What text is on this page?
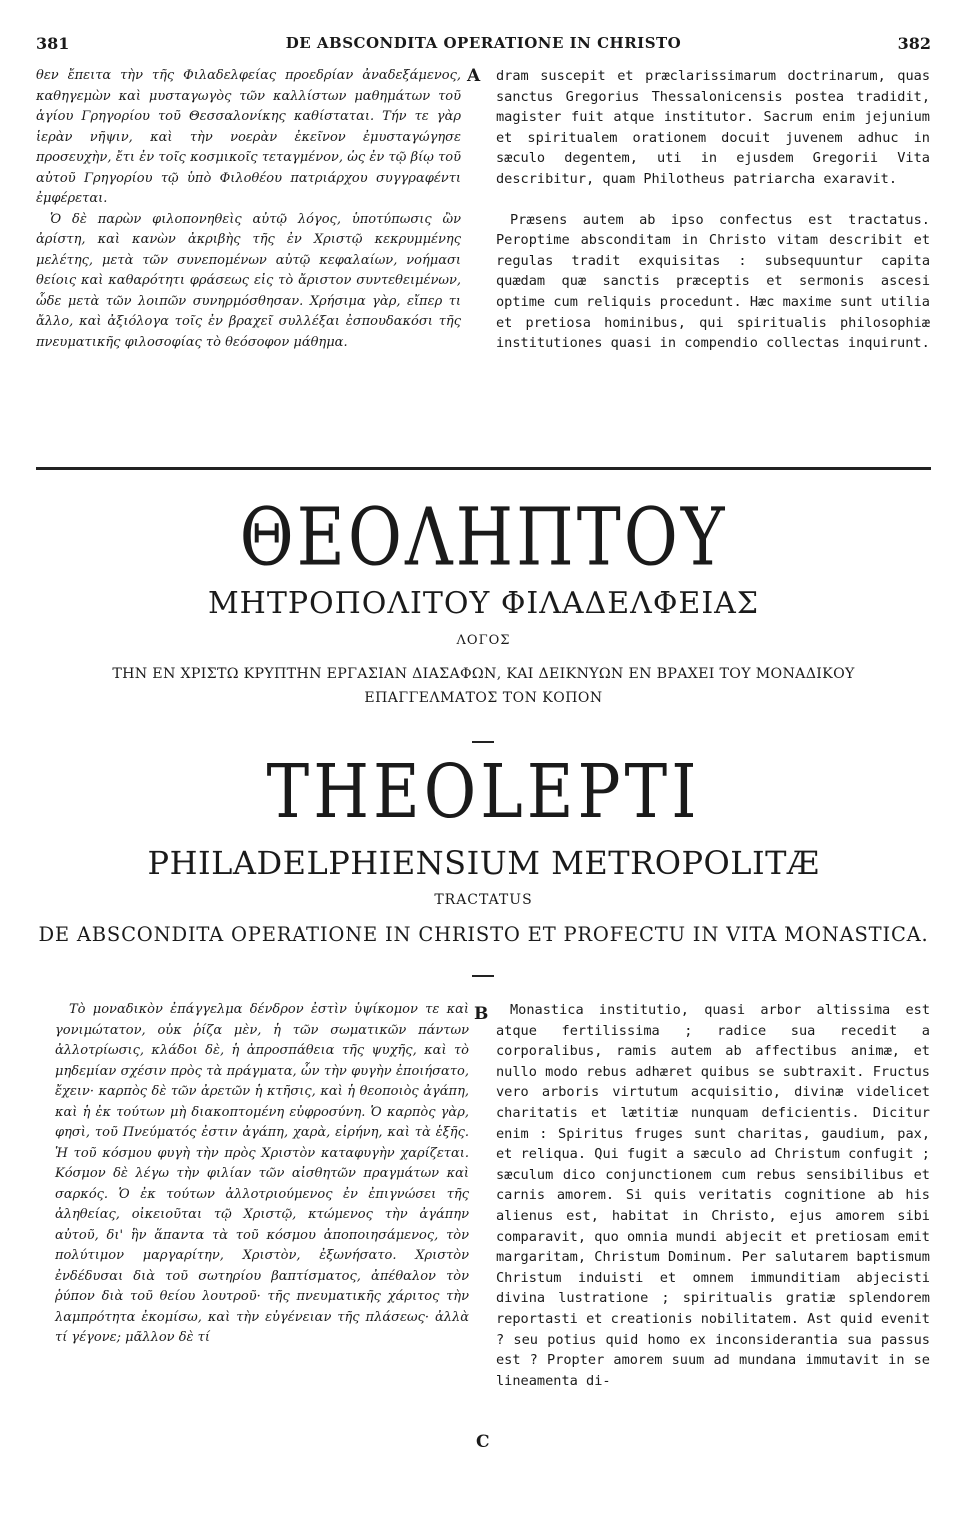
381	DE ABSCONDITA OPERATIONE IN CHRISTO	382

θεν ἔπειτα τὴν τῆς Φιλαδελφείας προεδρίαν ἀναδεξάμενος, καθηγεμὼν καὶ μυσταγωγὸς τῶν καλλίστων μαθημάτων τοῦ ἁγίου Γρηγορίου τοῦ Θεσσαλονίκης καθίσταται. Τήν τε γὰρ ἱερὰν νῆψιν, καὶ τὴν νοερὰν ἐκεῖνον ἐμυσταγώγησε προσευχὴν, ἔτι ἐν τοῖς κοσμικοῖς τεταγμένον, ὡς ἐν τῷ βίῳ τοῦ αὐτοῦ Γρηγορίου τῷ ὑπὸ Φιλοθέου πατριάρχου συγγραφέντι ἐμφέρεται.

Ὁ δὲ παρὼν φιλοπονηθεὶς αὐτῷ λόγος, ὑποτύπωσις ὢν ἀρίστη, καὶ κανὼν ἀκριβὴς τῆς ἐν Χριστῷ κεκρυμμένης μελέτης, μετὰ τῶν συνεπομένων αὐτῷ κεφαλαίων, νοήμασι θείοις καὶ καθαρότητι φράσεως εἰς τὸ ἄριστον συντεθειμένων, ὧδε μετὰ τῶν λοιπῶν συνηρμόσθησαν. Χρήσιμα γὰρ, εἴπερ τι ἄλλο, καὶ ἀξιόλογα τοῖς ἐν βραχεῖ συλλέξαι ἐσπουδακόσι τῆς πνευματικῆς φιλοσοφίας τὸ θεόσοφον μάθημα.

A dram suscepit et præclarissimarum doctrinarum, quas sanctus Gregorius Thessalonicensis postea tradidit, magister fuit atque institutor. Sacrum enim jejunium et spiritualem orationem docuit juvenem adhuc in sæculo degentem, uti in ejusdem Gregorii Vita describitur, quam Philotheus patriarcha exaravit.

Præsens autem ab ipso confectus est tractatus. Peroptime absconditam in Christo vitam describit et regulas tradit exquisitas : subsequuntur capita quædam quæ sanctis præceptis et sermonis ascesi optime cum reliquis procedunt. Hæc maxime sunt utilia et pretiosa hominibus, qui spiritualis philosophiæ institutiones quasi in compendio collectas inquirunt.

ΘΕΟΛΗΠΤΟΥ
ΜΗΤΡΟΠΟΛΙΤΟΥ ΦΙΛΑΔΕΛΦΕΙΑΣ
ΛΟΓΟΣ
ΤΗΝ ΕΝ ΧΡΙΣΤΩ ΚΡΥΠΤΗΝ ΕΡΓΑΣΙΑΝ ΔΙΑΣΑΦΩΝ, ΚΑΙ ΔΕΙΚΝΥΩΝ ΕΝ ΒΡΑΧΕΙ ΤΟΥ ΜΟΝΑΔΙΚΟΥ
ΕΠΑΓΓΕΛΜΑΤΟΣ ΤΟΝ ΚΟΠΟΝ
THEOLEPTI
PHILADELPHIENSIUM METROPOLITÆ
TRACTATUS
DE ABSCONDITA OPERATIONE IN CHRISTO ET PROFECTU IN VITA MONASTICA.

Τὸ μοναδικὸν ἐπάγγελμα δένδρον ἐστὶν ὑψίκομον τε καὶ γονιμώτατον, οὐκ ῥίζα μὲν, ἡ τῶν σωματικῶν πάντων ἀλλοτρίωσις, κλάδοι δὲ, ἡ ἀπροσπάθεια τῆς ψυχῆς, καὶ τὸ μηδεμίαν σχέσιν πρὸς τὰ πράγματα, ὧν τὴν φυγὴν ἐποιήσατο, ἔχειν· καρπὸς δὲ τῶν ἀρετῶν ἡ κτῆσις, καὶ ἡ θεοποιὸς ἀγάπη, καὶ ἡ ἐκ τούτων μὴ διακοπτομένη εὐφροσύνη. Ὁ καρπὸς γὰρ, φησὶ, τοῦ Πνεύματός ἐστιν ἀγάπη, χαρὰ, εἰρήνη, καὶ τὰ ἑξῆς. Ἡ τοῦ κόσμου φυγὴ τὴν πρὸς Χριστὸν καταφυγὴν χαρίζεται. Κόσμον δὲ λέγω τὴν φιλίαν τῶν αἰσθητῶν πραγμάτων καὶ σαρκός. Ὁ ἐκ τούτων ἀλλοτριούμενος ἐν ἐπιγνώσει τῆς ἀληθείας, οἰκειοῦται τῷ Χριστῷ, κτώμενος τὴν ἀγάπην αὐτοῦ, δι' ἣν ἅπαντα τὰ τοῦ κόσμου ἀποποιησάμενος, τὸν πολύτιμον μαργαρίτην, Χριστὸν, ἐξωνήσατο. Χριστὸν ἐνδέδυσαι διὰ τοῦ σωτηρίου βαπτίσματος, ἀπέθαλον τὸν ῥύπον διὰ τοῦ θείου λουτροῦ· τῆς πνευματικῆς χάριτος τὴν λαμπρότητα ἐκομίσω, καὶ τὴν εὐγένειαν τῆς πλάσεως· ἀλλὰ τί γέγονε; μᾶλλον δὲ τί

B
C

Monastica institutio, quasi arbor altissima est atque fertilissima ; radice sua recedit a corporalibus, ramis autem ab affectibus animæ, et nullo modo rebus adhæret quibus se subtraxit. Fructus vero arboris virtutum acquisitio, divinæ videlicet charitatis et lætitiæ nunquam deficientis. Dicitur enim : Spiritus fruges sunt charitas, gaudium, pax, et reliqua. Qui fugit a sæculo ad Christum confugit ; sæculum dico conjunctionem cum rebus sensibilibus et carnis amorem. Si quis veritatis cognitione ab his alienus est, habitat in Christo, ejus amorem sibi comparavit, quo omnia mundi abjecit et pretiosam emit margaritam, Christum Dominum. Per salutarem baptismum Christum induisti et omnem immunditiam abjecisti divina lustratione ; spiritualis gratiæ splendorem reportasti et creationis nobilitatem. Ast quid evenit ? seu potius quid homo ex inconsiderantia sua passus est ? Propter amorem suum ad mundana immutavit in se lineamenta di-
